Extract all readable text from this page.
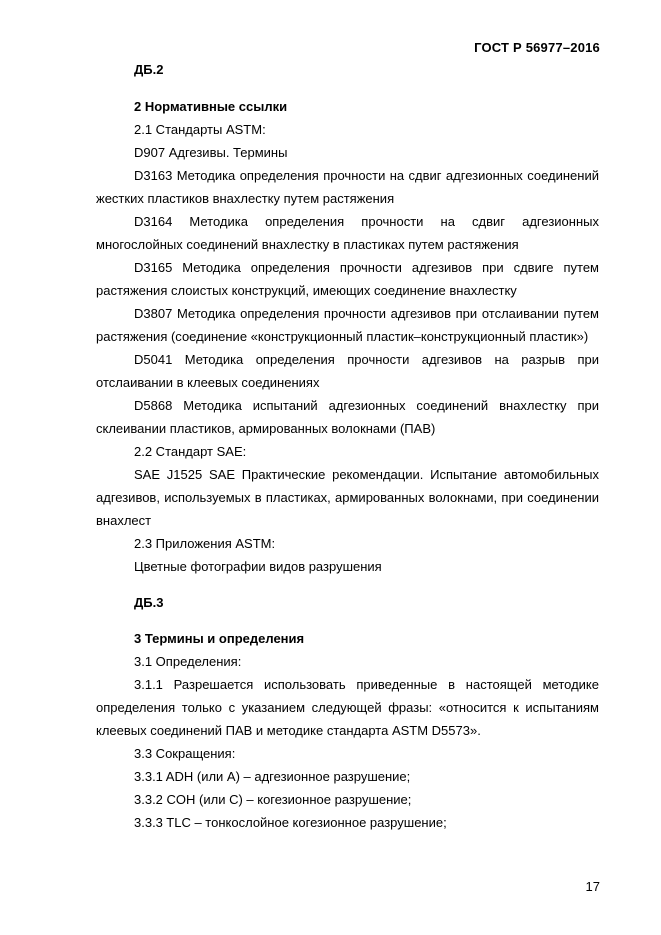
ГОСТ Р 56977–2016

ДБ.2

2 Нормативные ссылки

2.1 Стандарты ASTM:

D907 Адгезивы. Термины

D3163 Методика определения прочности на сдвиг адгезионных соединений жестких пластиков внахлестку путем растяжения

D3164 Методика определения прочности на сдвиг адгезионных многослойных соединений внахлестку в пластиках путем растяжения

D3165 Методика определения прочности адгезивов при сдвиге путем растяжения слоистых конструкций, имеющих соединение внахлестку

D3807 Методика определения прочности адгезивов при отслаивании путем растяжения (соединение «конструкционный пластик–конструкционный пластик»)

D5041 Методика определения прочности адгезивов на разрыв при отслаивании в клеевых соединениях

D5868 Методика испытаний адгезионных соединений внахлестку при склеивании пластиков, армированных волокнами (ПАВ)

2.2 Стандарт SAE:

SAE J1525 SAE Практические рекомендации. Испытание автомобильных адгезивов, используемых в пластиках, армированных волокнами, при соединении внахлест

2.3 Приложения ASTM:

Цветные фотографии видов разрушения

ДБ.3

3 Термины и определения

3.1 Определения:

3.1.1 Разрешается использовать приведенные в настоящей методике определения только с указанием следующей фразы: «относится к испытаниям клеевых соединений ПАВ и методике стандарта ASTM D5573».

3.3 Сокращения:

3.3.1 ADH (или А) – адгезионное разрушение;

3.3.2 COH (или С) – когезионное разрушение;

3.3.3 TLC – тонкослойное когезионное разрушение;

17
